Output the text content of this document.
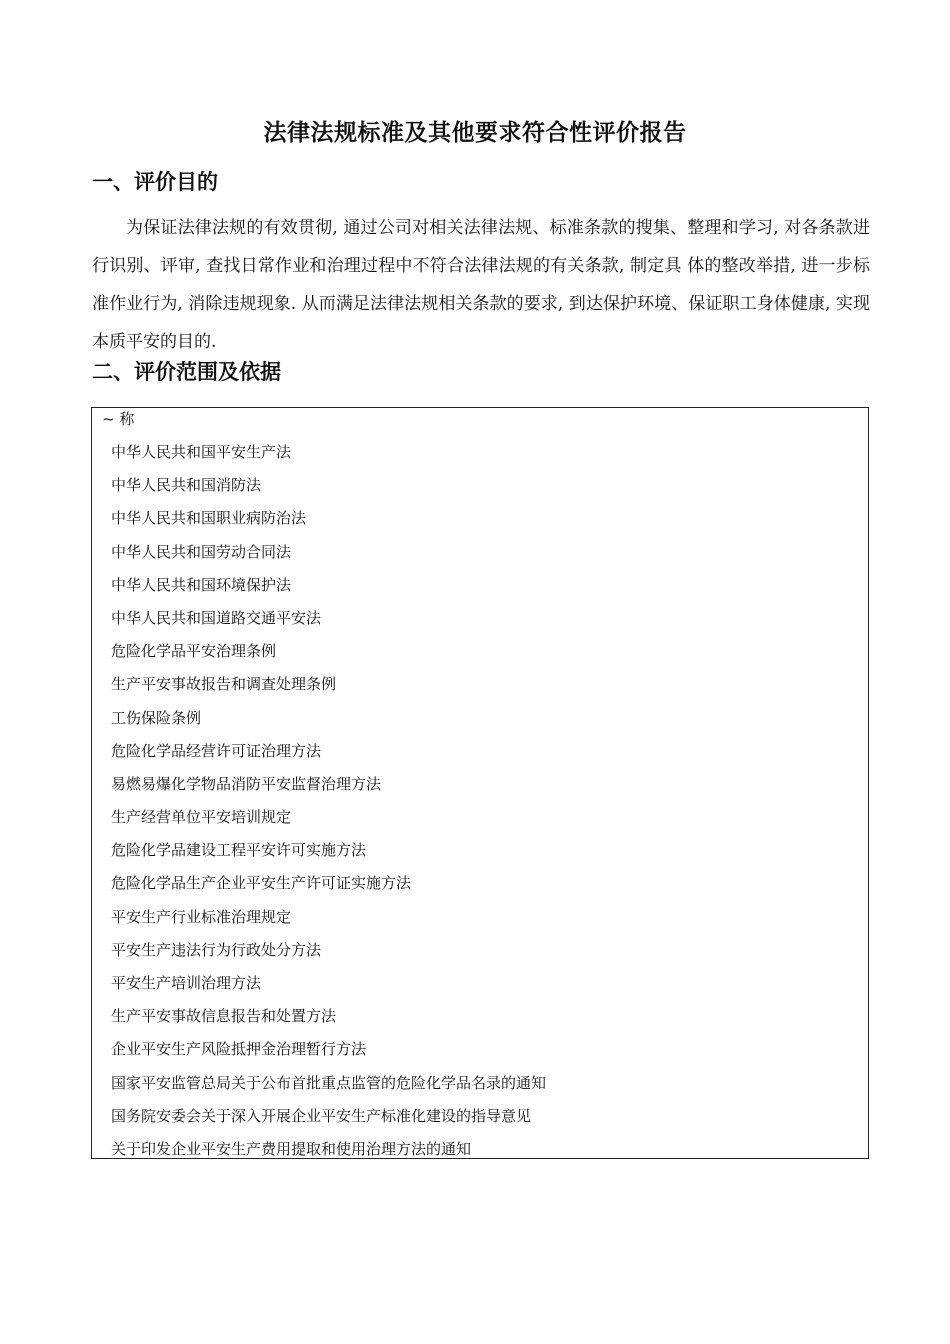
法律法规标准及其他要求符合性评价报告
一、评价目的

为保证法律法规的有效贯彻, 通过公司对相关法律法规、标准条款的搜集、整理和学习, 对各条款进行识别、评审, 查找日常作业和治理过程中不符合法律法规的有关条款, 制定具 体的整改举措, 进一步标准作业行为, 消除违规现象. 从而满足法律法规相关条款的要求, 到达保护环境、保证职工身体健康, 实现本质平安的目的.

二、评价范围及依据
~ 称
中华人民共和国平安生产法
中华人民共和国消防法
中华人民共和国职业病防治法
中华人民共和国劳动合同法
中华人民共和国环境保护法
中华人民共和国道路交通平安法
危险化学品平安治理条例
生产平安事故报告和调查处理条例
工伤保险条例
危险化学品经营许可证治理方法
易燃易爆化学物品消防平安监督治理方法
生产经营单位平安培训规定
危险化学品建设工程平安许可实施方法
危险化学品生产企业平安生产许可证实施方法
平安生产行业标准治理规定
平安生产违法行为行政处分方法
平安生产培训治理方法
生产平安事故信息报告和处置方法
企业平安生产风险抵押金治理暂行方法
国家平安监管总局关于公布首批重点监管的危险化学品名录的通知
国务院安委会关于深入开展企业平安生产标准化建设的指导意见
关于印发企业平安生产费用提取和使用治理方法的通知
